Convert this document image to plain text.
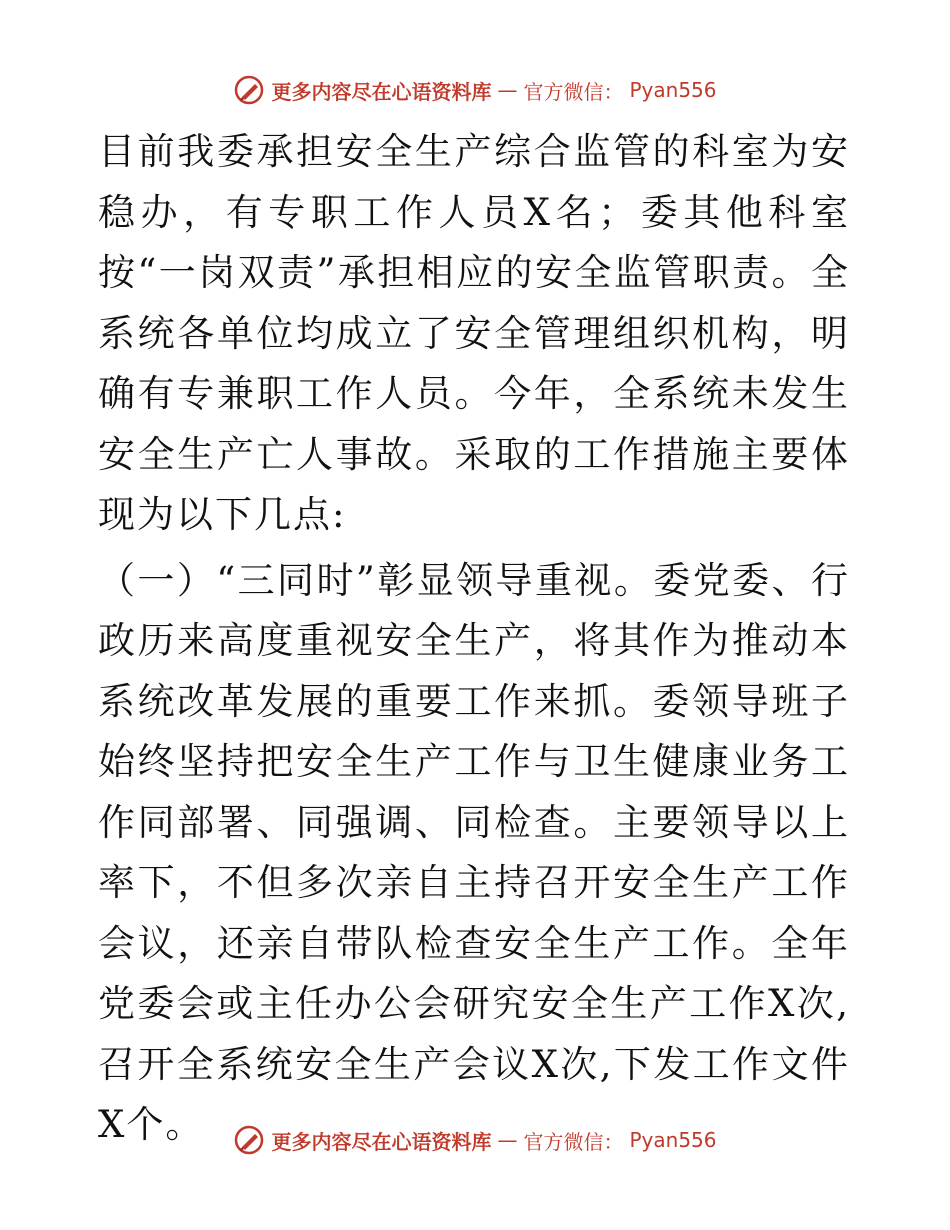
更多内容尽在心语资料库 — 官方微信： Pyan556

目前我委承担安全生产综合监管的科室为安稳办，有专职工作人员X名；委其他科室按“一岗双责”承担相应的安全监管职责。全系统各单位均成立了安全管理组织机构，明确有专兼职工作人员。今年，全系统未发生安全生产亡人事故。采取的工作措施主要体现为以下几点:

（一）“三同时”彰显领导重视。委党委、行政历来高度重视安全生产，将其作为推动本系统改革发展的重要工作来抓。委领导班子始终坚持把安全生产工作与卫生健康业务工作同部署、同强调、同检查。主要领导以上率下，不但多次亲自主持召开安全生产工作会议，还亲自带队检查安全生产工作。全年党委会或主任办公会研究安全生产工作X次,召开全系统安全生产会议X次,下发工作文件X个。	更多内容尽在心语资料库 — 官方微信： Pyan556
